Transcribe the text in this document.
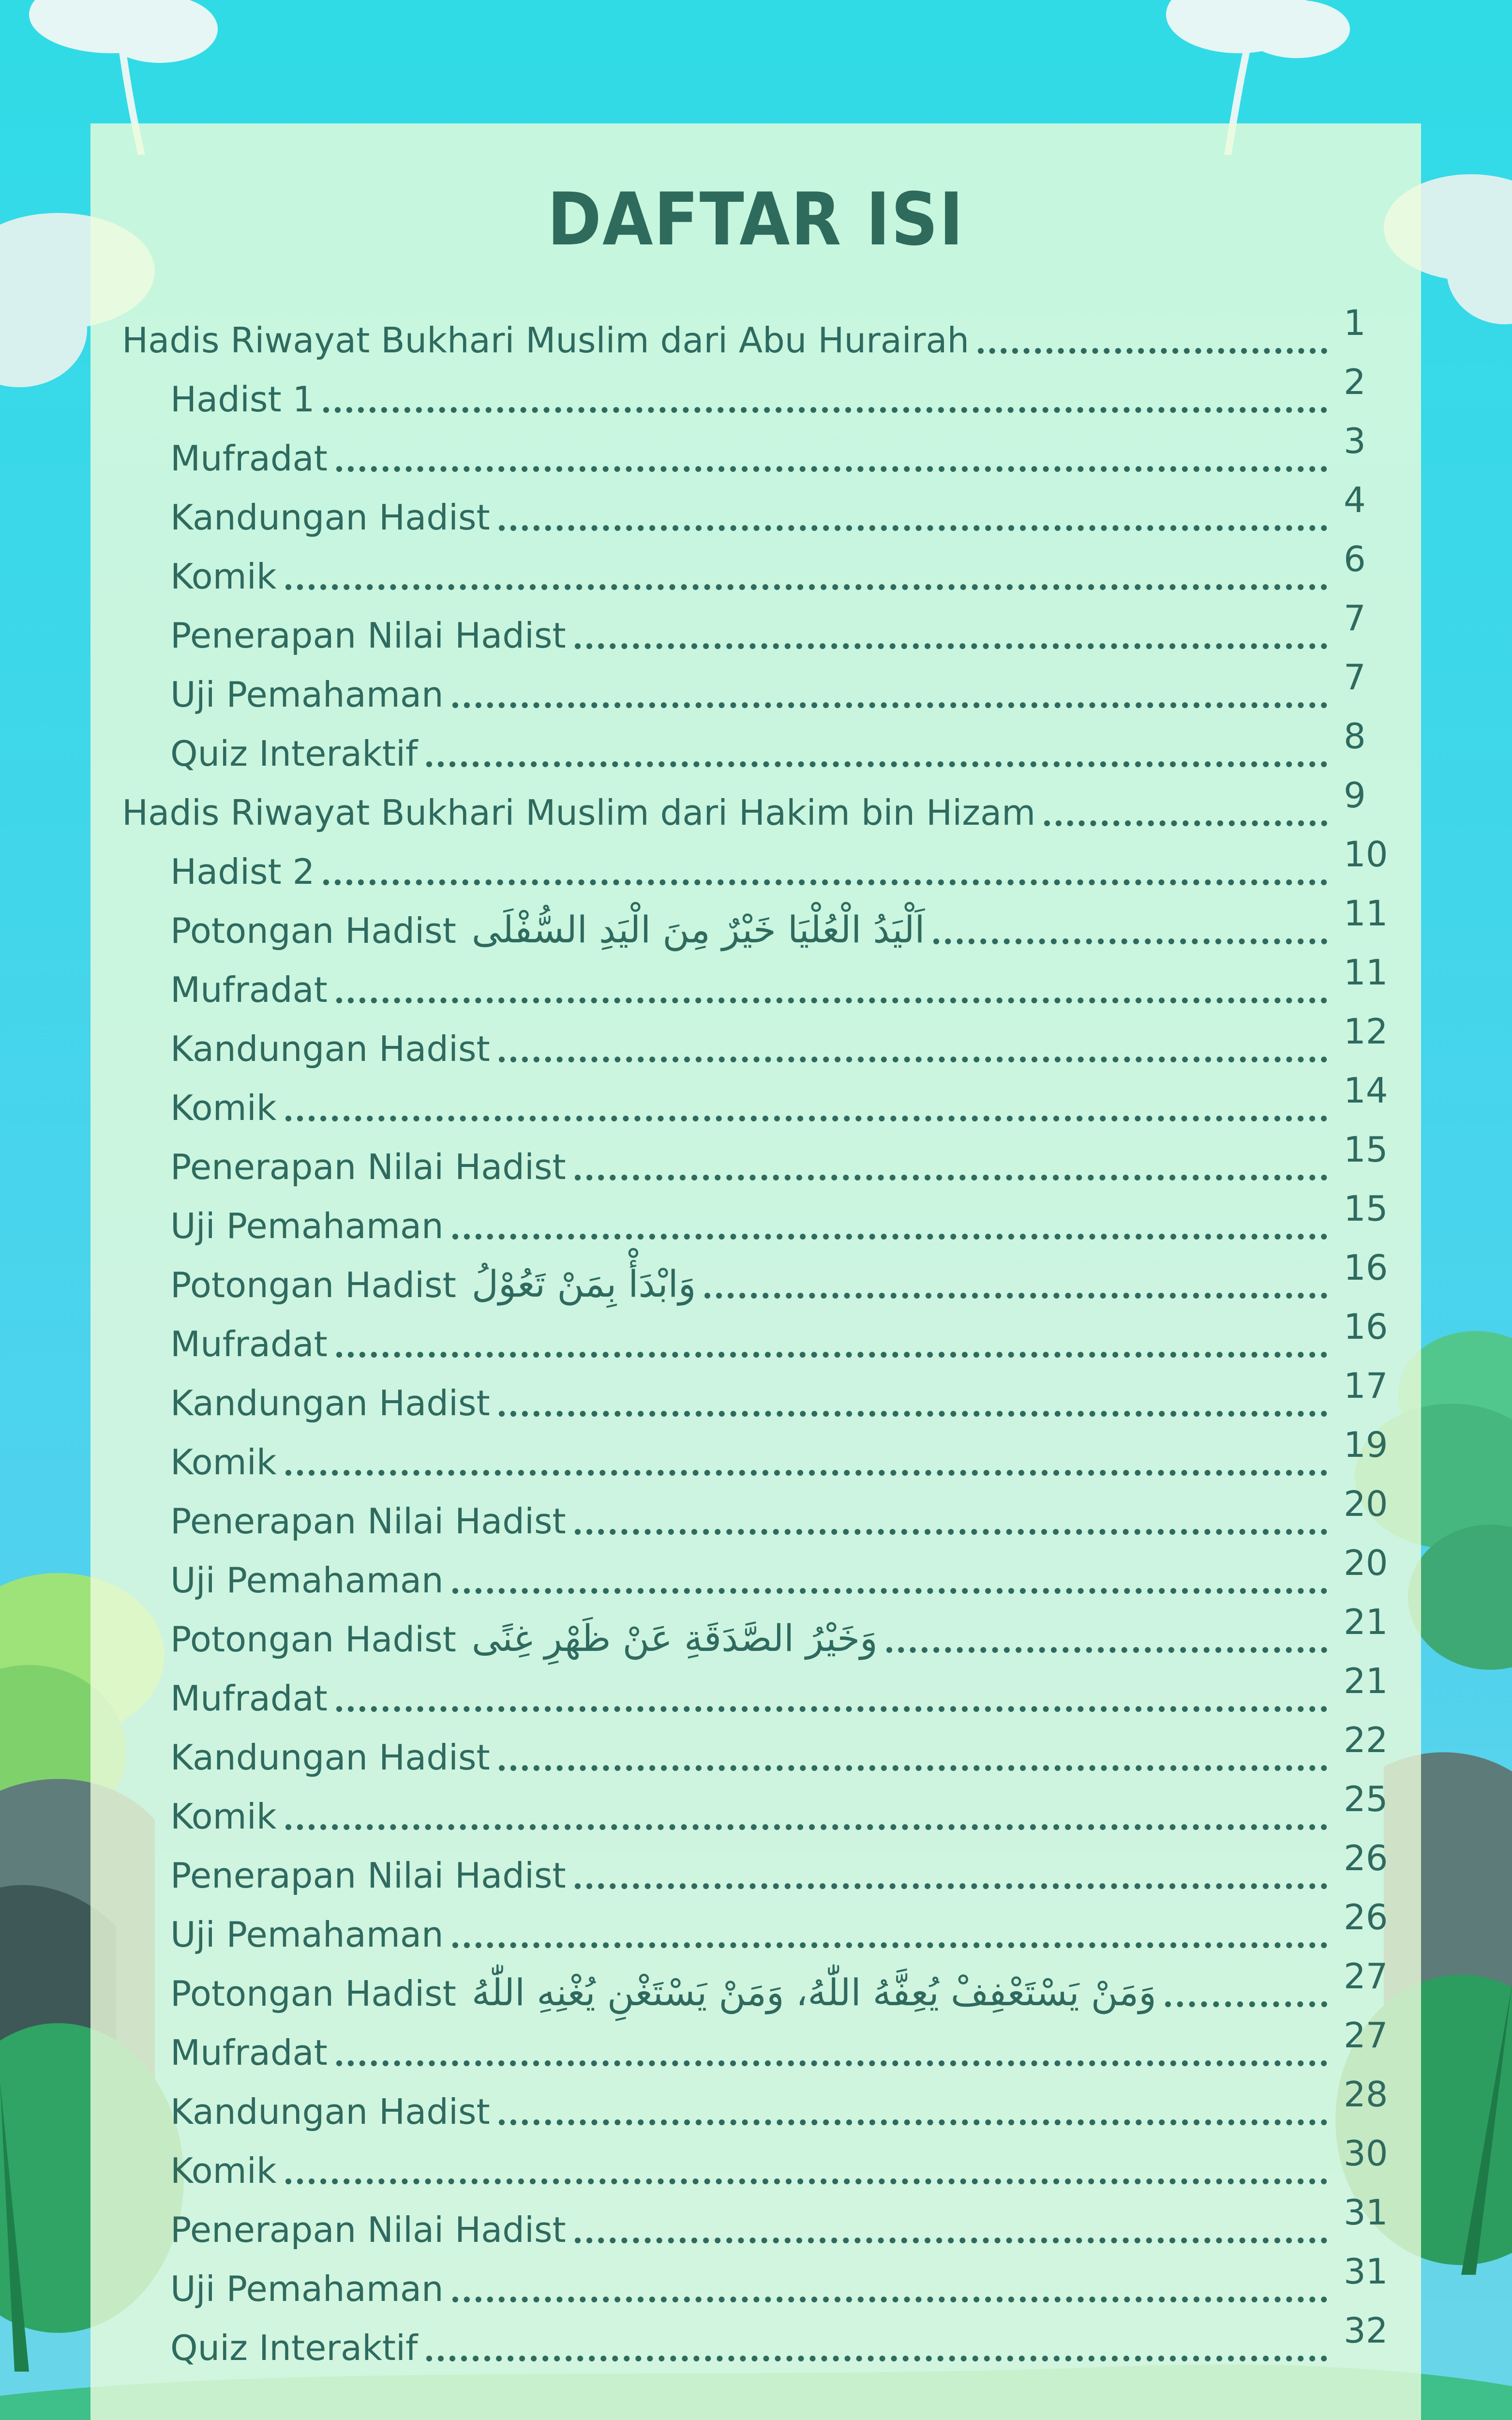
DAFTAR ISI
Hadis Riwayat Bukhari Muslim dari Abu Hurairah	1
Hadist 1	2
Mufradat	3
Kandungan Hadist	4
Komik	6
Penerapan Nilai Hadist	7
Uji Pemahaman	7
Quiz Interaktif	8
Hadis Riwayat Bukhari Muslim dari Hakim bin Hizam	9
Hadist 2	10
Potongan Hadist اَلْيَدُ الْعُلْيَا خَيْرٌ مِنَ الْيَدِ السُّفْلَى	11
Mufradat	11
Kandungan Hadist	12
Komik	14
Penerapan Nilai Hadist	15
Uji Pemahaman	15
Potongan Hadist وَابْدَأْ بِمَنْ تَعُوْلُ	16
Mufradat	16
Kandungan Hadist	17
Komik	19
Penerapan Nilai Hadist	20
Uji Pemahaman	20
Potongan Hadist وَخَيْرُ الصَّدَقَةِ عَنْ ظَهْرِ غِنًى	21
Mufradat	21
Kandungan Hadist	22
Komik	25
Penerapan Nilai Hadist	26
Uji Pemahaman	26
Potongan Hadist وَمَنْ يَسْتَعْفِفْ يُعِفَّهُ اللّٰهُ، وَمَنْ يَسْتَغْنِ يُغْنِهِ اللّٰهُ	27
Mufradat	27
Kandungan Hadist	28
Komik	30
Penerapan Nilai Hadist	31
Uji Pemahaman	31
Quiz Interaktif	32
